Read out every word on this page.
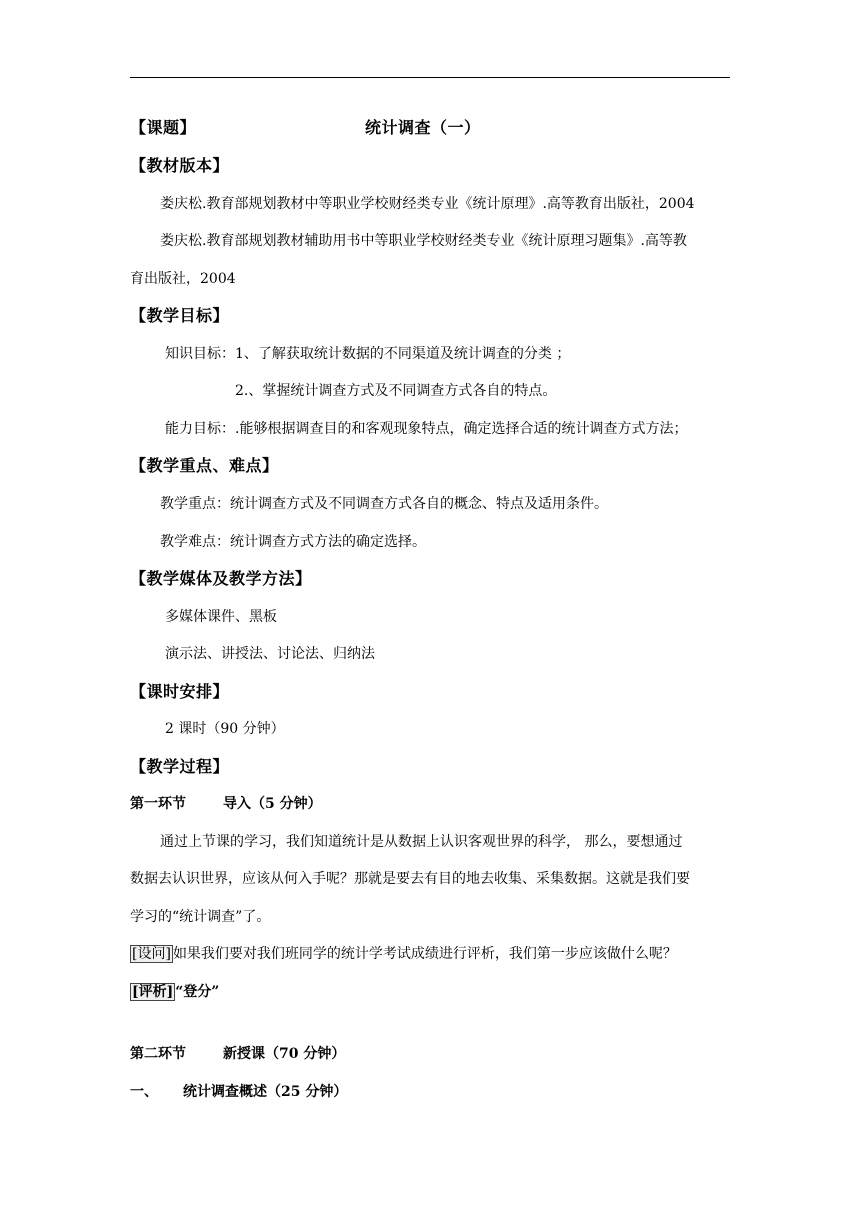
【课题】	统计调查（一）
【教材版本】
娄庆松.教育部规划教材中等职业学校财经类专业《统计原理》.高等教育出版社，2004
娄庆松.教育部规划教材辅助用书中等职业学校财经类专业《统计原理习题集》.高等教
育出版社，2004
【教学目标】
知识目标：1、了解获取统计数据的不同渠道及统计调查的分类 ；
2.、掌握统计调查方式及不同调查方式各自的特点。
能力目标：.能够根据调查目的和客观现象特点，确定选择合适的统计调查方式方法；
【教学重点、难点】
教学重点：统计调查方式及不同调查方式各自的概念、特点及适用条件。
教学难点：统计调查方式方法的确定选择。
【教学媒体及教学方法】
多媒体课件、黑板
演示法、讲授法、讨论法、归纳法
【课时安排】
2 课时（90 分钟）
【教学过程】
第一环节	导入（5 分钟）
通过上节课的学习，我们知道统计是从数据上认识客观世界的科学， 那么，要想通过
数据去认识世界，应该从何入手呢？那就是要去有目的地去收集、采集数据。这就是我们要
学习的“统计调查”了。
[设问] 如果我们要对我们班同学的统计学考试成绩进行评析，我们第一步应该做什么呢？
[评析] “登分”
第二环节	新授课（70 分钟）
一、 统计调查概述（25 分钟）
